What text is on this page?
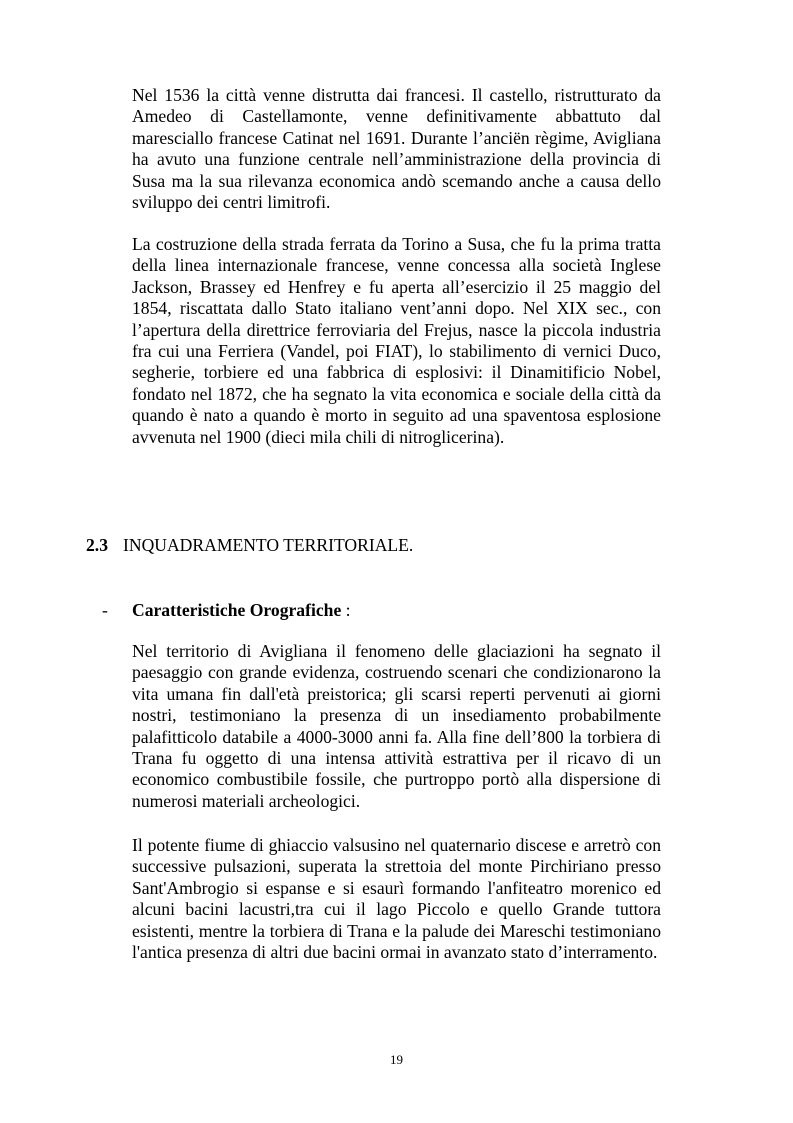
Nel 1536 la città venne distrutta dai francesi. Il castello, ristrutturato da Amedeo di Castellamonte, venne definitivamente abbattuto dal maresciallo francese Catinat nel 1691. Durante l’anciën règime, Avigliana ha avuto una funzione centrale nell’amministrazione della provincia di Susa ma la sua rilevanza economica andò scemando anche a causa dello sviluppo dei centri limitrofi.

La costruzione della strada ferrata da Torino a Susa, che fu la prima tratta della linea internazionale francese, venne concessa alla società Inglese Jackson, Brassey ed Henfrey e fu aperta all’esercizio il 25 maggio del 1854, riscattata dallo Stato italiano vent’anni dopo. Nel XIX sec., con l’apertura della direttrice ferroviaria del Frejus, nasce la piccola industria fra cui una Ferriera (Vandel, poi FIAT), lo stabilimento di vernici Duco, segherie, torbiere ed una fabbrica di esplosivi: il Dinamitificio Nobel, fondato nel 1872, che ha segnato la vita economica e sociale della città da quando è nato a quando è morto in seguito ad una spaventosa esplosione avvenuta nel 1900 (dieci mila chili di nitroglicerina).

2.3 INQUADRAMENTO TERRITORIALE.
- Caratteristiche Orografiche :

Nel territorio di Avigliana il fenomeno delle glaciazioni ha segnato il paesaggio con grande evidenza, costruendo scenari che condizionarono la vita umana fin dall'età preistorica; gli scarsi reperti pervenuti ai giorni nostri, testimoniano la presenza di un insediamento probabilmente palafitticolo databile a 4000-3000 anni fa. Alla fine dell’800 la torbiera di Trana fu oggetto di una intensa attività estrattiva per il ricavo di un economico combustibile fossile, che purtroppo portò alla dispersione di numerosi materiali archeologici.

Il potente fiume di ghiaccio valsusino nel quaternario discese e arretrò con successive pulsazioni, superata la strettoia del monte Pirchiriano presso Sant'Ambrogio si espanse e si esaurì formando l'anfiteatro morenico ed alcuni bacini lacustri,tra cui il lago Piccolo e quello Grande tuttora esistenti, mentre la torbiera di Trana e la palude dei Mareschi testimoniano l'antica presenza di altri due bacini ormai in avanzato stato d’interramento.

19
